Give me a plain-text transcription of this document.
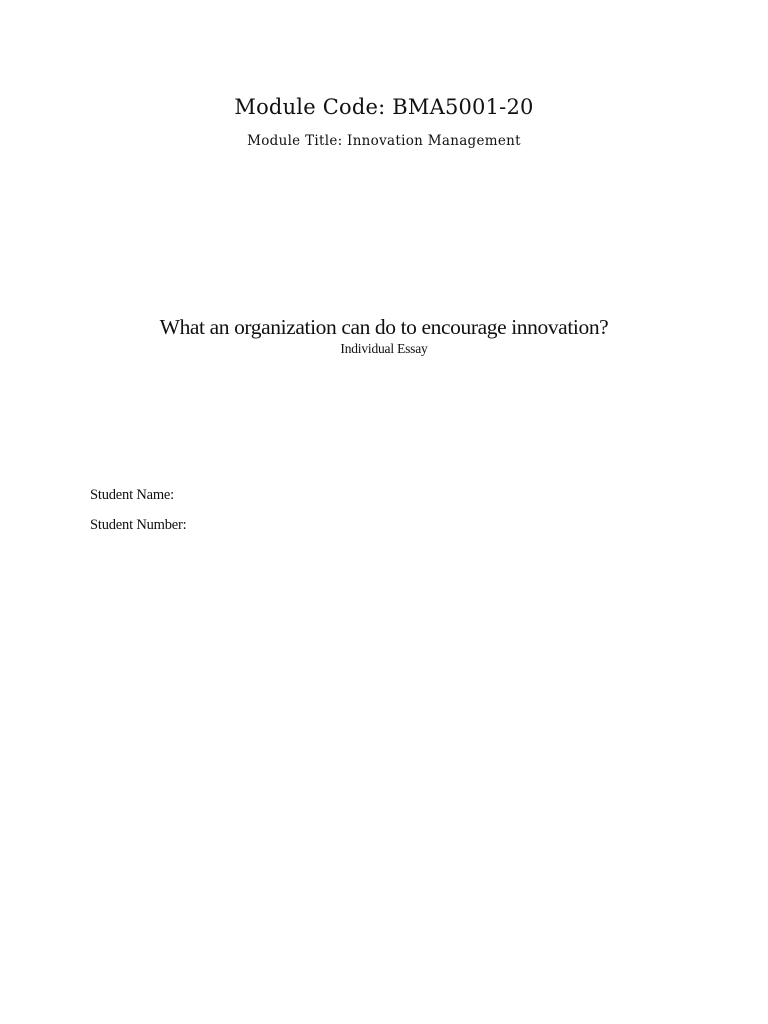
Module Code: BMA5001-20
Module Title: Innovation Management
What an organization can do to encourage innovation?
Individual Essay
Student Name:
Student Number:
